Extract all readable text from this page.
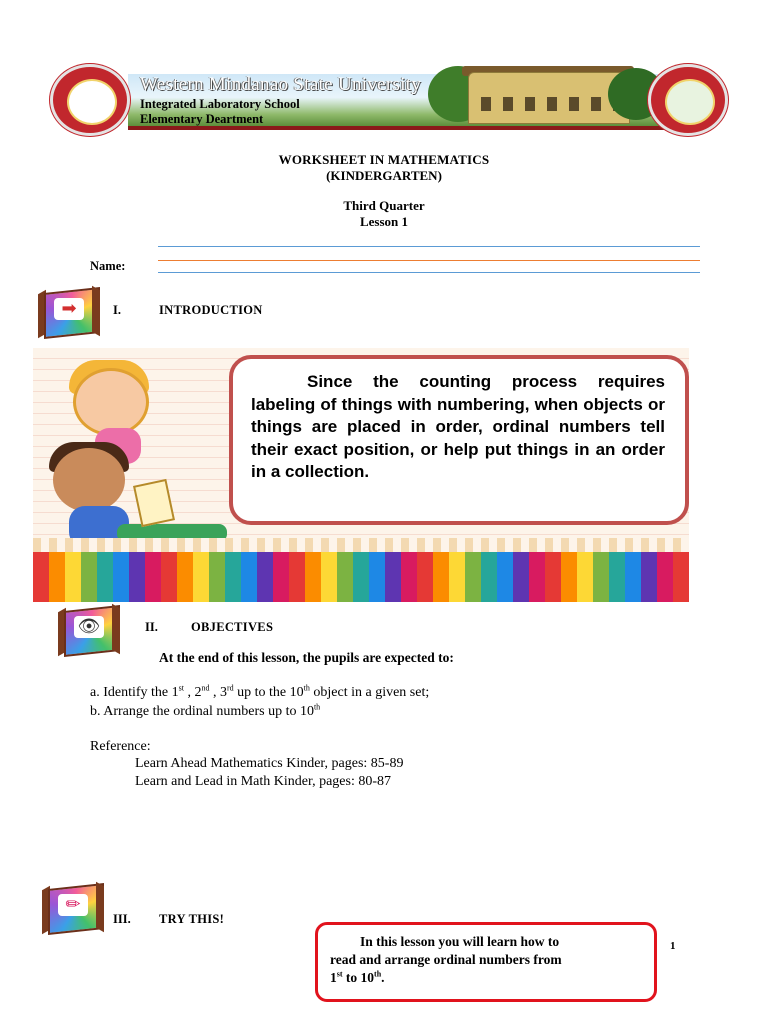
Western Mindanao State University
Integrated Laboratory School
Elementary Deartment
WORKSHEET IN MATHEMATICS
(KINDERGARTEN)
Third Quarter
Lesson 1
Name:
➡	I.	INTRODUCTION
Since the counting process requires labeling of things with numbering, when objects or things are placed in order, ordinal numbers tell their exact position, or help put things in an order in a collection.
👁	II.	OBJECTIVES
At the end of this lesson, the pupils are expected to:
a. Identify the 1st , 2nd , 3rd up to the 10th object in a given set;
b. Arrange the ordinal numbers up to 10th
Reference:
Learn Ahead Mathematics Kinder, pages: 85-89
Learn and Lead in Math Kinder, pages: 80-87
✏
III. TRY THIS!
In this lesson you will learn how to
read and arrange ordinal numbers from
1st to 10th.
1
